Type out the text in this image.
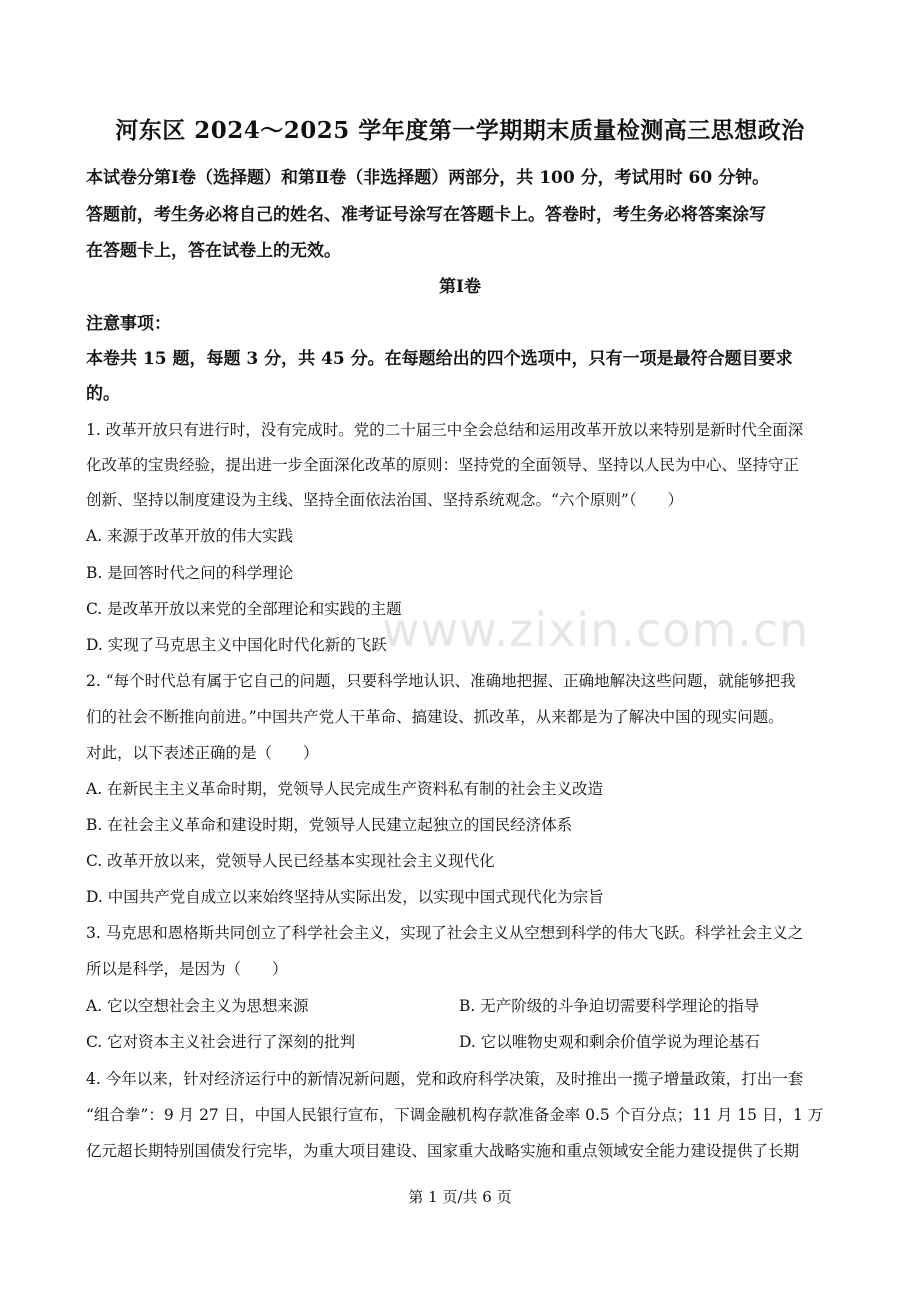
河东区 2024～2025 学年度第一学期期末质量检测高三思想政治
本试卷分第Ⅰ卷（选择题）和第Ⅱ卷（非选择题）两部分，共 100 分，考试用时 60 分钟。
答题前，考生务必将自己的姓名、准考证号涂写在答题卡上。答卷时，考生务必将答案涂写
在答题卡上，答在试卷上的无效。
第Ⅰ卷
注意事项：
本卷共 15 题，每题 3 分，共 45 分。在每题给出的四个选项中，只有一项是最符合题目要求
的。
1. 改革开放只有进行时，没有完成时。党的二十届三中全会总结和运用改革开放以来特别是新时代全面深
化改革的宝贵经验，提出进一步全面深化改革的原则：坚持党的全面领导、坚持以人民为中心、坚持守正
创新、坚持以制度建设为主线、坚持全面依法治国、坚持系统观念。“六个原则”（　　）
A. 来源于改革开放的伟大实践
B. 是回答时代之问的科学理论
C. 是改革开放以来党的全部理论和实践的主题
D. 实现了马克思主义中国化时代化新的飞跃
2. “每个时代总有属于它自己的问题，只要科学地认识、准确地把握、正确地解决这些问题，就能够把我
们的社会不断推向前进。”中国共产党人干革命、搞建设、抓改革，从来都是为了解决中国的现实问题。
对此，以下表述正确的是（　　）
A. 在新民主主义革命时期，党领导人民完成生产资料私有制的社会主义改造
B. 在社会主义革命和建设时期，党领导人民建立起独立的国民经济体系
C. 改革开放以来，党领导人民已经基本实现社会主义现代化
D. 中国共产党自成立以来始终坚持从实际出发，以实现中国式现代化为宗旨
3. 马克思和恩格斯共同创立了科学社会主义，实现了社会主义从空想到科学的伟大飞跃。科学社会主义之
所以是科学，是因为（　　）
A. 它以空想社会主义为思想来源	B. 无产阶级的斗争迫切需要科学理论的指导
C. 它对资本主义社会进行了深刻的批判	D. 它以唯物史观和剩余价值学说为理论基石
4. 今年以来，针对经济运行中的新情况新问题，党和政府科学决策，及时推出一揽子增量政策，打出一套
“组合拳”：9 月 27 日，中国人民银行宣布，下调金融机构存款准备金率 0.5 个百分点；11 月 15 日，1 万
亿元超长期特别国债发行完毕，为重大项目建设、国家重大战略实施和重点领域安全能力建设提供了长期
www.zixin.com.cn
第 1 页/共 6 页
